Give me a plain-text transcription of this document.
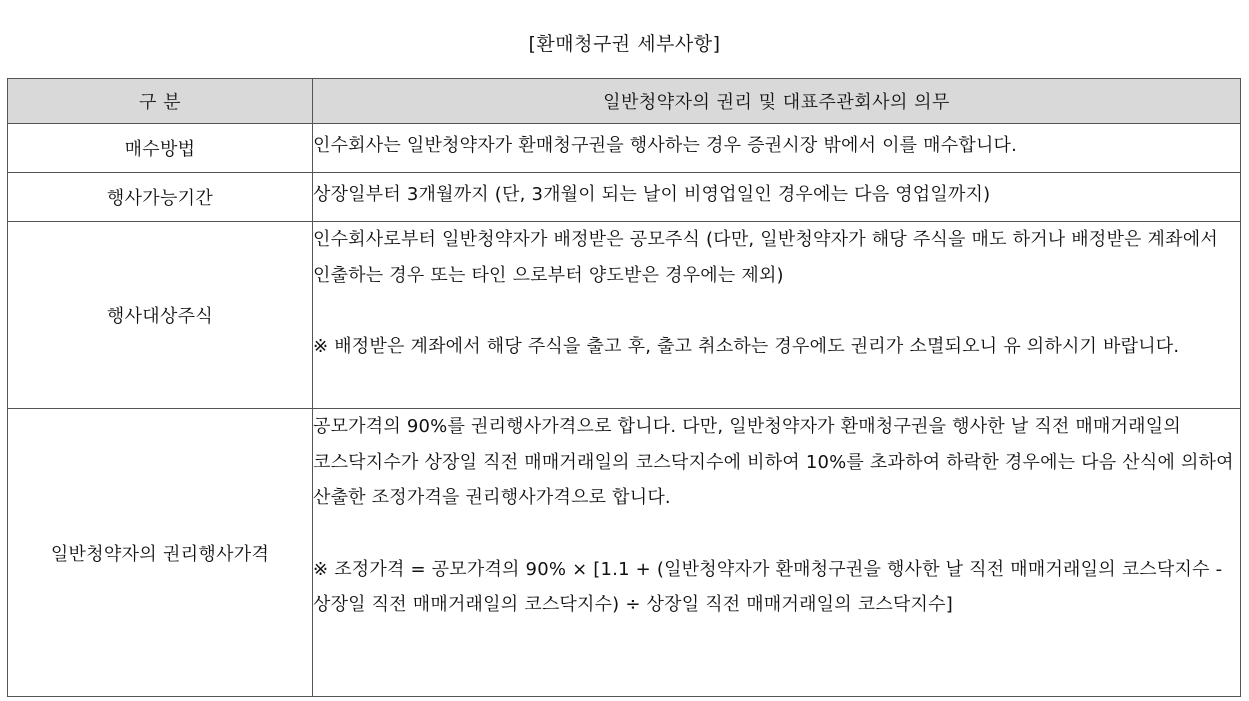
[환매청구권 세부사항]
구 분	일반청약자의 권리 및 대표주관회사의 의무
매수방법	인수회사는 일반청약자가 환매청구권을 행사하는 경우 증권시장 밖에서 이를 매수합니다.

행사가능기간	상장일부터 3개월까지 (단, 3개월이 되는 날이 비영업일인 경우에는 다음 영업일까지)

행사대상주식	인수회사로부터 일반청약자가 배정받은 공모주식 (다만, 일반청약자가 해당 주식을 매도 하거나 배정받은 계좌에서 인출하는 경우 또는 타인 으로부터 양도받은 경우에는 제외)

※ 배정받은 계좌에서 해당 주식을 출고 후, 출고 취소하는 경우에도 권리가 소멸되오니 유 의하시기 바랍니다.

일반청약자의 권리행사가격	공모가격의 90%를 권리행사가격으로 합니다. 다만, 일반청약자가 환매청구권을 행사한 날 직전 매매거래일의 코스닥지수가 상장일 직전 매매거래일의 코스닥지수에 비하여 10%를 초과하여 하락한 경우에는 다음 산식에 의하여 산출한 조정가격을 권리행사가격으로 합니다.

※ 조정가격 = 공모가격의 90% × [1.1 + (일반청약자가 환매청구권을 행사한 날 직전 매매거래일의 코스닥지수 - 상장일 직전 매매거래일의 코스닥지수) ÷ 상장일 직전 매매거래일의 코스닥지수]
